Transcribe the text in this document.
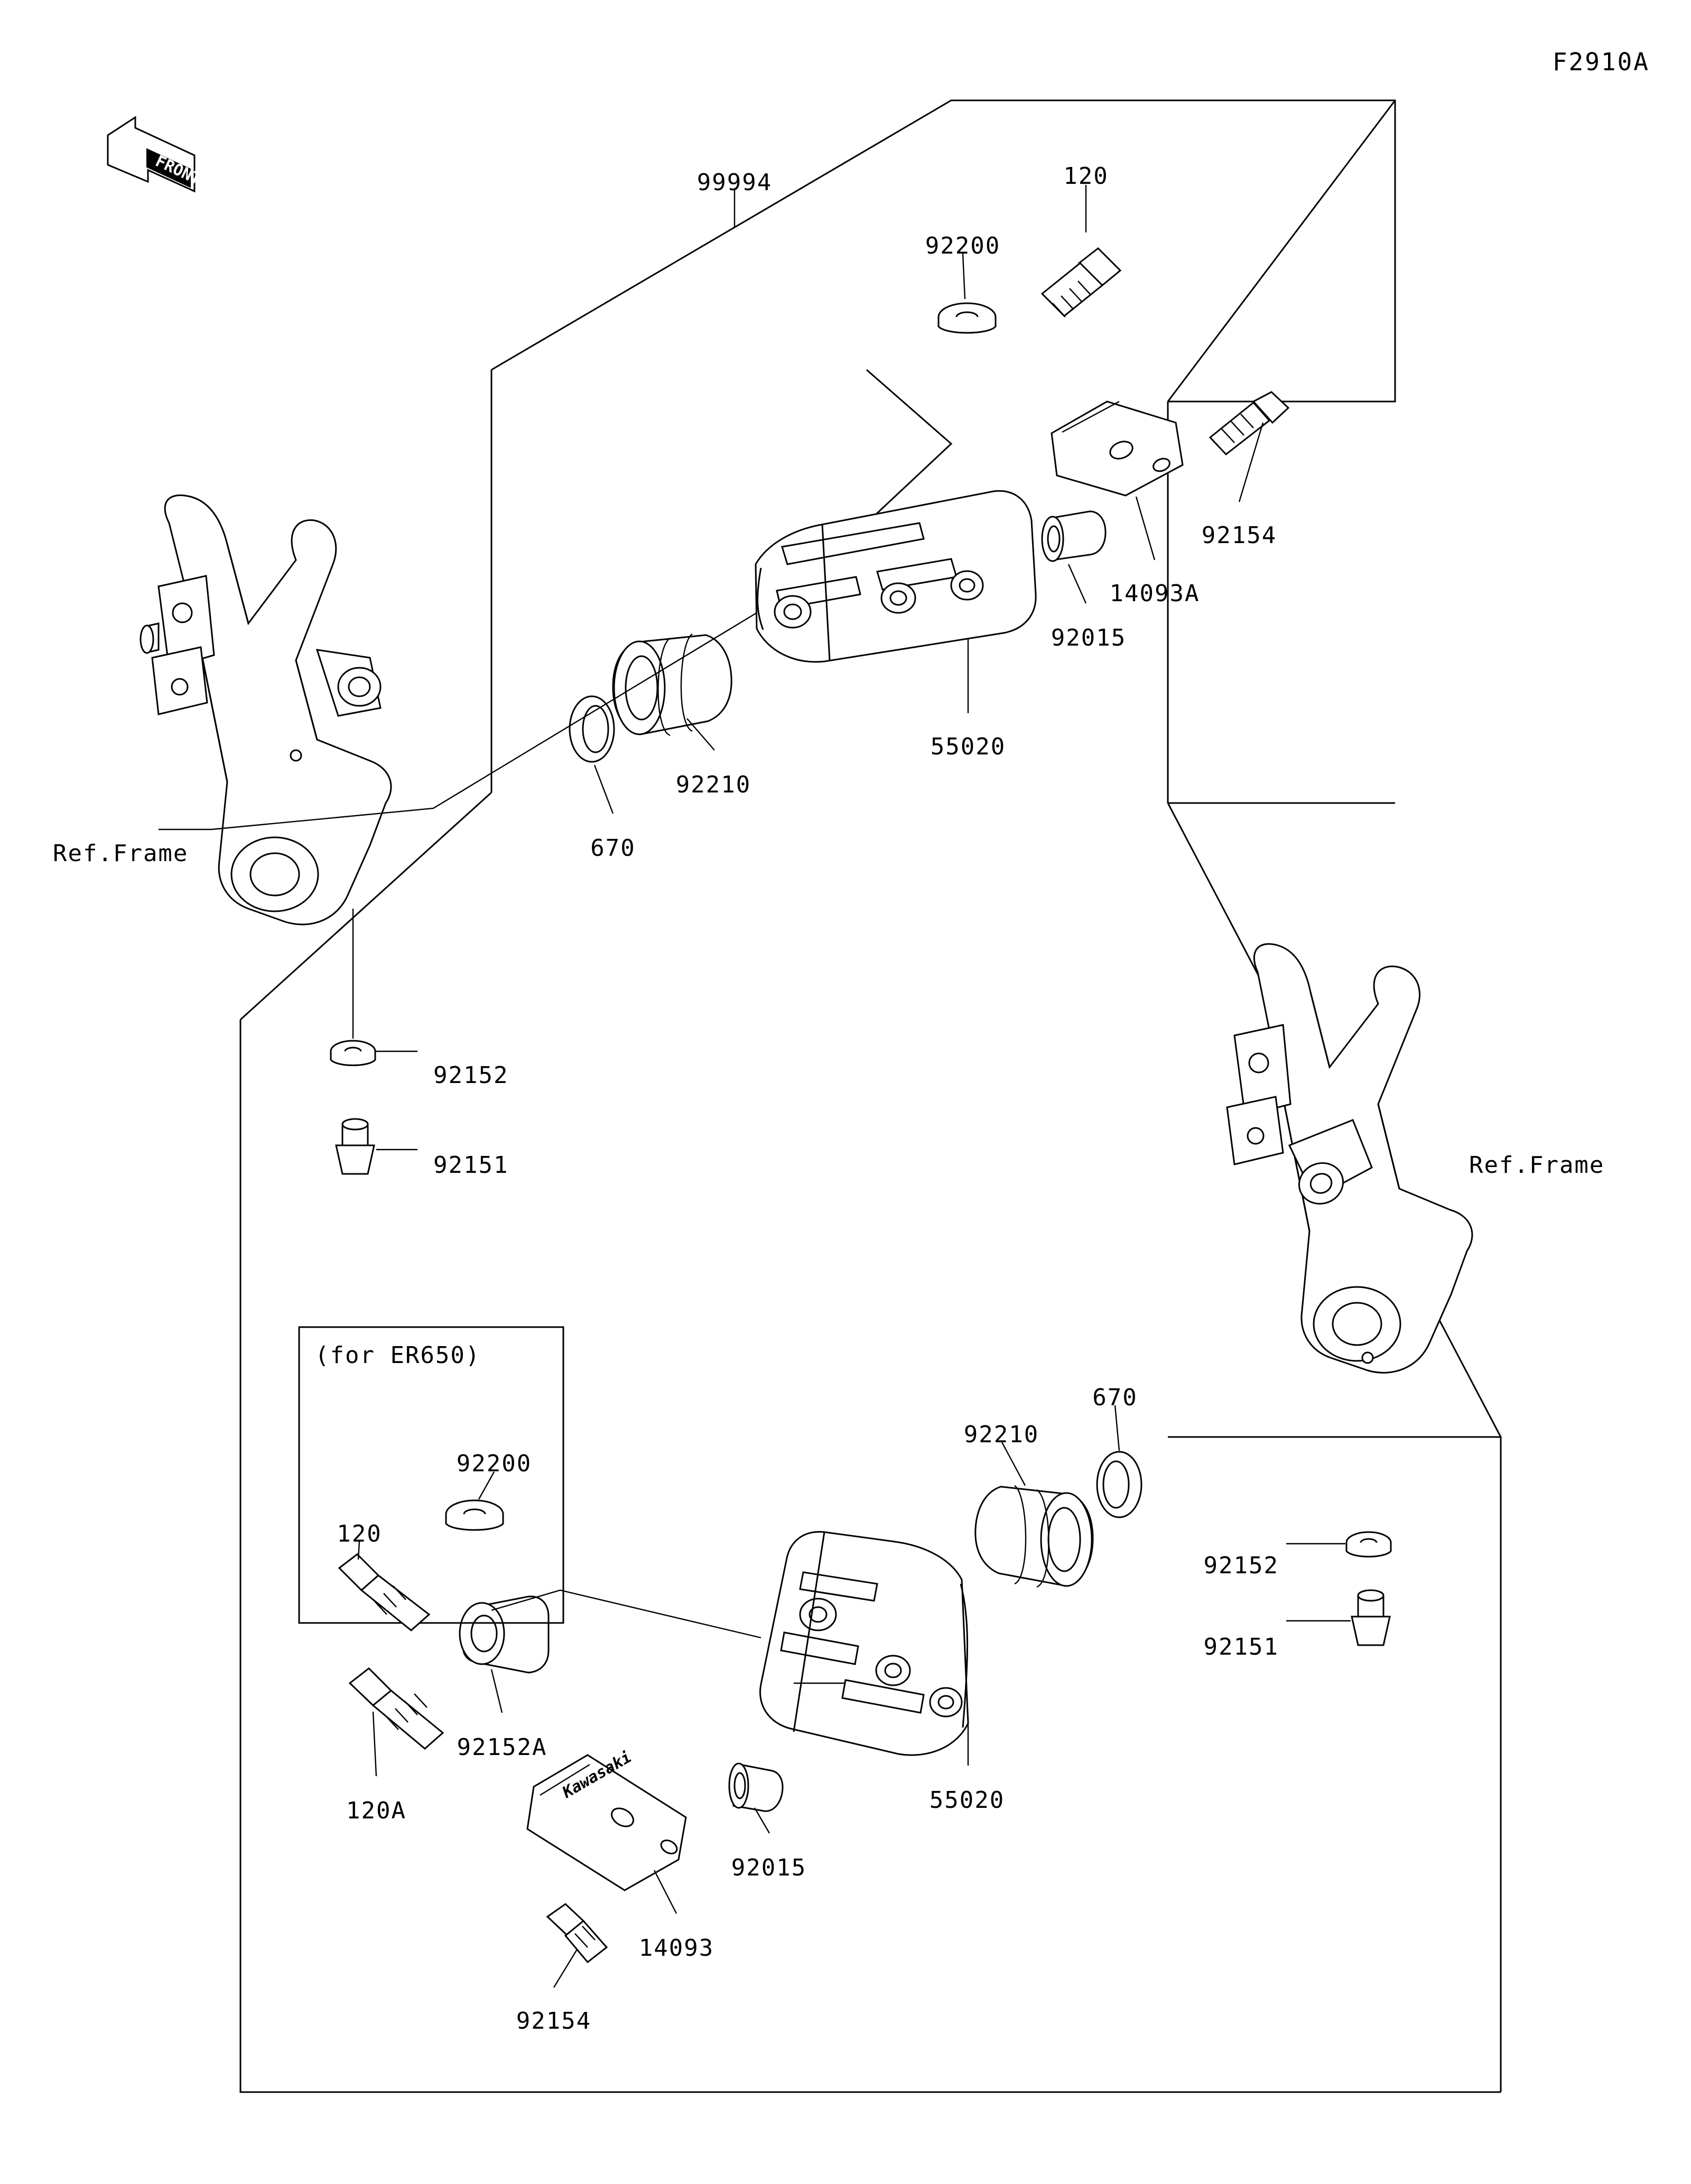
Kawasaki
FRONT
F2910A
(for ER650)
99994	120
92200
92154
14093A
92015
55020
92210
670
Ref.Frame
92152
92151	Ref.Frame
670
92210
92200
120
92152
92151
92152A
55020
120A
92015
14093
92154
